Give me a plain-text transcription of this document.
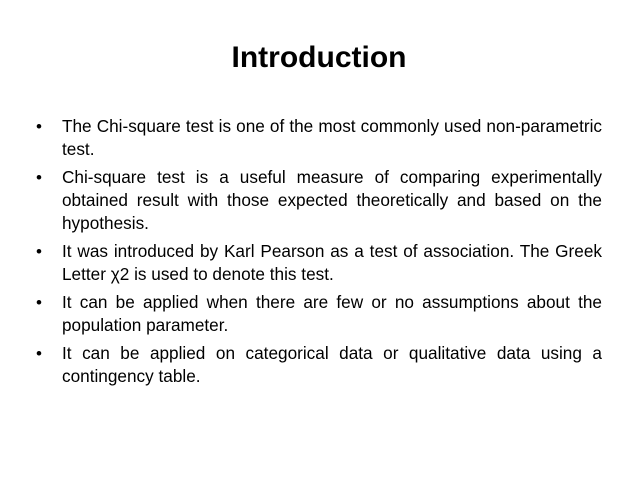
Introduction
•	The Chi-square test is one of the most commonly used non-parametric test.
•	Chi-square test is a useful measure of comparing experimentally obtained result with those expected theoretically and based on the hypothesis.
•	It was introduced by Karl Pearson as a test of association. The Greek Letter χ2 is used to denote this test.
•	It can be applied when there are few or no assumptions about the population parameter.
•	It can be applied on categorical data or qualitative data using a contingency table.
